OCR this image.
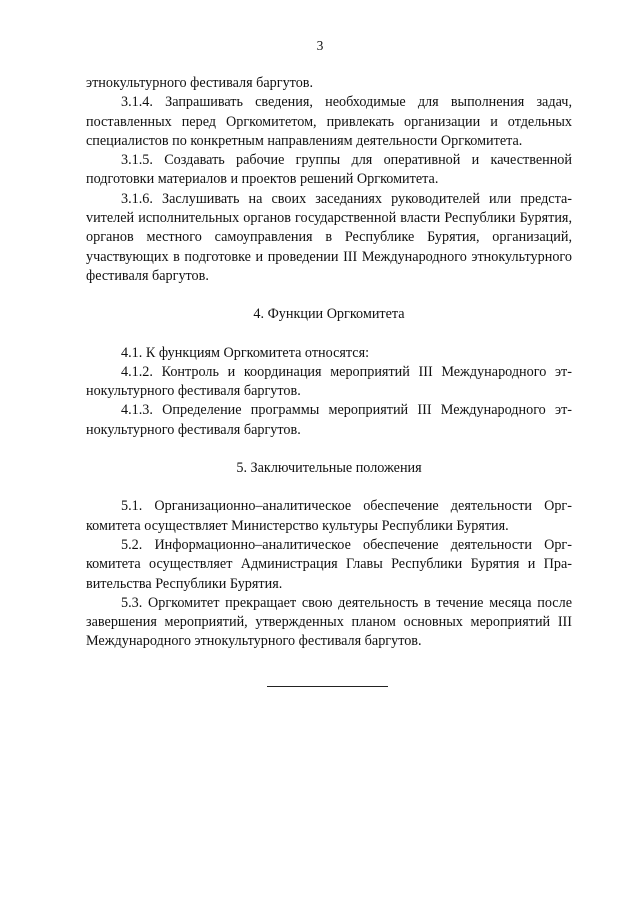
3

этнокультурного фестиваля баргутов.

3.1.4. Запрашивать сведения, необходимые для выполнения задач, поставленных перед Оргкомитетом, привлекать организации и отдельных специалистов по конкретным направлениям деятельности Оргкомитета.

3.1.5. Создавать рабочие группы для оперативной и качественной подготовки материалов и проектов решений Оргкомитета.

3.1.6. Заслушивать на своих заседаниях руководителей или предстаvителей исполнительных органов государственной власти Республики Бурятия, органов местного самоуправления в Республике Бурятия, организаций, участвующих в подготовке и проведении III Международного этнокультурного фестиваля баргутов.

4. Функции Оргкомитета

4.1. К функциям Оргкомитета относятся:

4.1.2. Контроль и координация мероприятий III Международного этнокультурного фестиваля баргутов.

4.1.3. Определение программы мероприятий III Международного этнокультурного фестиваля баргутов.

5. Заключительные положения

5.1. Организационно–аналитическое обеспечение деятельности Оргкомитета осуществляет Министерство культуры Республики Бурятия.

5.2. Информационно–аналитическое обеспечение деятельности Оргкомитета осуществляет Администрация Главы Республики Бурятия и Правительства Республики Бурятия.

5.3. Оргкомитет прекращает свою деятельность в течение месяца после завершения мероприятий, утвержденных планом основных мероприятий III Международного этнокультурного фестиваля баргутов.
